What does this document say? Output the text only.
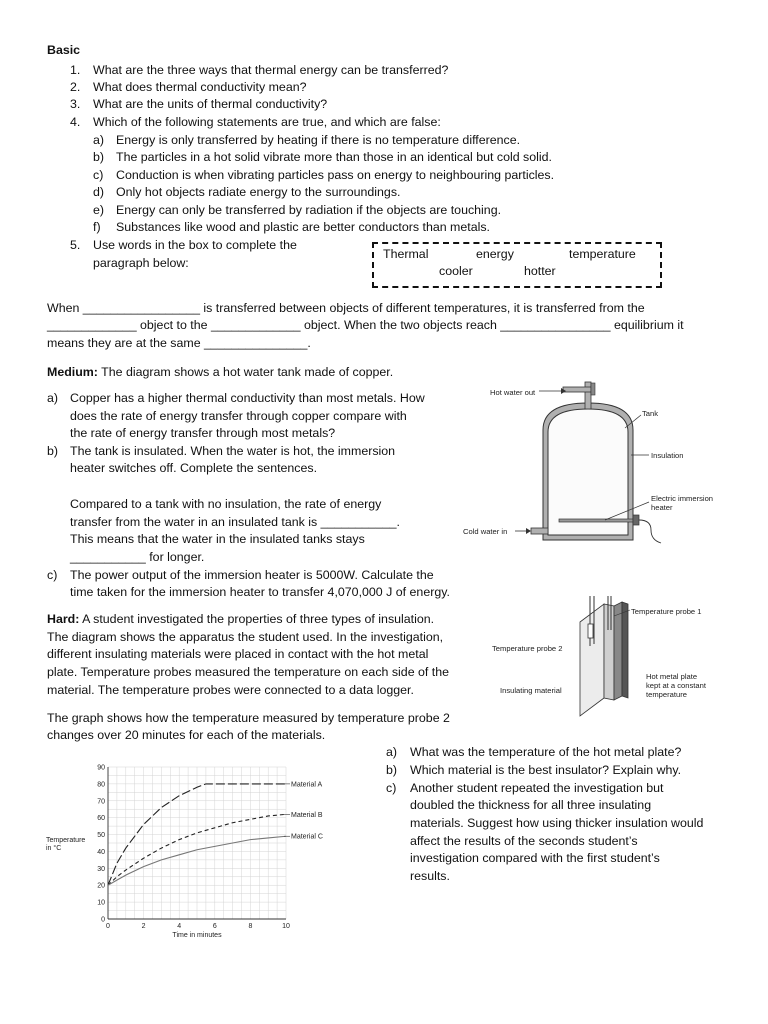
Basic
1. What are the three ways that thermal energy can be transferred?
2. What does thermal conductivity mean?
3. What are the units of thermal conductivity?
4. Which of the following statements are true, and which are false:
a) Energy is only transferred by heating if there is no temperature difference.
b) The particles in a hot solid vibrate more than those in an identical but cold solid.
c) Conduction is when vibrating particles pass on energy to neighbouring particles.
d) Only hot objects radiate energy to the surroundings.
e) Energy can only be transferred by radiation if the objects are touching.
f) Substances like wood and plastic are better conductors than metals.
5. Use words in the box to complete the
paragraph below:
Thermal	energy	temperature
cooler	hotter
When _________________ is transferred between objects of different temperatures, it is transferred from the
_____________ object to the _____________ object. When the two objects reach ________________ equilibrium it
means they are at the same _______________.
Medium: The diagram shows a hot water tank made of copper.
a) Copper has a higher thermal conductivity than most metals. How
does the rate of energy transfer through copper compare with
the rate of energy transfer through most metals?
b) The tank is insulated. When the water is hot, the immersion
heater switches off. Complete the sentences.
Compared to a tank with no insulation, the rate of energy
transfer from the water in an insulated tank is ___________.
This means that the water in the insulated tanks stays
___________ for longer.
c) The power output of the immersion heater is 5000W. Calculate the
time taken for the immersion heater to transfer 4,070,000 J of energy.
Hot water out
Tank
Insulation
Electric immersion
heater
Cold water in
Hard: A student investigated the properties of three types of insulation.
The diagram shows the apparatus the student used. In the investigation,
different insulating materials were placed in contact with the hot metal
plate. Temperature probes measured the temperature on each side of the
material. The temperature probes were connected to a data logger.
The graph shows how the temperature measured by temperature probe 2
changes over 20 minutes for each of the materials.
Temperature probe 1
Temperature probe 2
Hot metal plate
kept at a constant
temperature
Insulating material
0
10
20
30
40
50
60
70
80
90
0	2	4	6	8	10
Time in minutes
Temperature
in °C
Material A
Material B
Material C
a) What was the temperature of the hot metal plate?
b) Which material is the best insulator? Explain why.
c) Another student repeated the investigation but
doubled the thickness for all three insulating
materials. Suggest how using thicker insulation would
affect the results of the seconds student’s
investigation compared with the first student’s
results.
